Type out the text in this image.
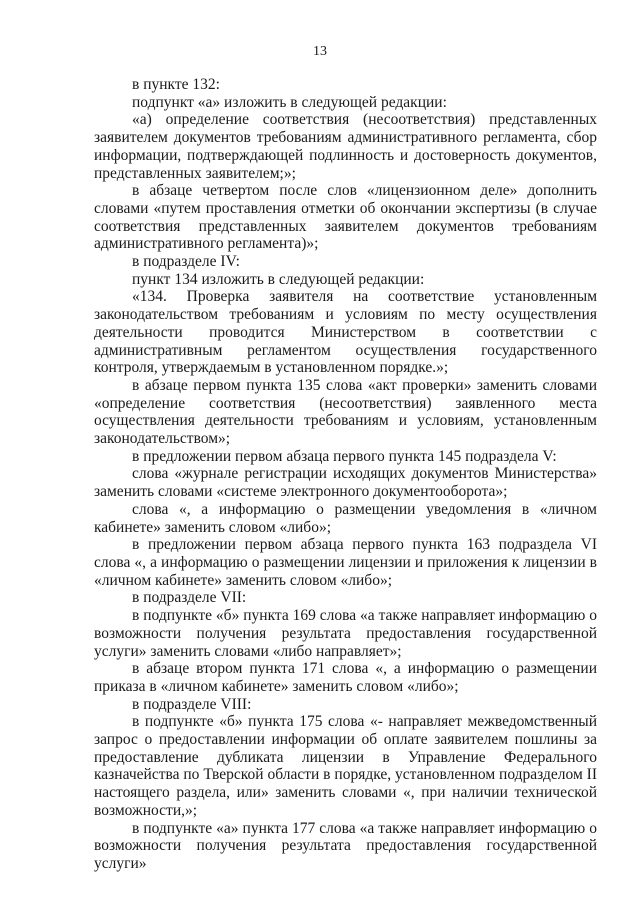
13

в пункте 132:

подпункт «а» изложить в следующей редакции:

«а) определение соответствия (несоответствия) представленных заявителем документов требованиям административного регламента, сбор информации, подтверждающей подлинность и достоверность документов, представленных заявителем;»;

в абзаце четвертом после слов «лицензионном деле» дополнить словами «путем проставления отметки об окончании экспертизы (в случае соответствия представленных заявителем документов требованиям административного регламента)»;

в подразделе IV:

пункт 134 изложить в следующей редакции:

«134. Проверка заявителя на соответствие установленным законодательством требованиям и условиям по месту осуществления деятельности проводится Министерством в соответствии с административным регламентом осуществления государственного контроля, утверждаемым в установленном порядке.»;

в абзаце первом пункта 135 слова «акт проверки» заменить словами «определение соответствия (несоответствия) заявленного места осуществления деятельности требованиям и условиям, установленным законодательством»;

в предложении первом абзаца первого пункта 145 подраздела V:

слова «журнале регистрации исходящих документов Министерства» заменить словами «системе электронного документооборота»;

слова «, а информацию о размещении уведомления в «личном кабинете» заменить словом «либо»;

в предложении первом абзаца первого пункта 163 подраздела VI слова «, а информацию о размещении лицензии и приложения к лицензии в «личном кабинете» заменить словом «либо»;

в подразделе VII:

в подпункте «б» пункта 169 слова «а также направляет информацию о возможности получения результата предоставления государственной услуги» заменить словами «либо направляет»;

в абзаце втором пункта 171 слова «, а информацию о размещении приказа в «личном кабинете» заменить словом «либо»;

в подразделе VIII:

в подпункте «б» пункта 175 слова «- направляет межведомственный запрос о предоставлении информации об оплате заявителем пошлины за предоставление дубликата лицензии в Управление Федерального казначейства по Тверской области в порядке, установленном подразделом II настоящего раздела, или» заменить словами «, при наличии технической возможности,»;

в подпункте «а» пункта 177 слова «а также направляет информацию о возможности получения результата предоставления государственной услуги»
